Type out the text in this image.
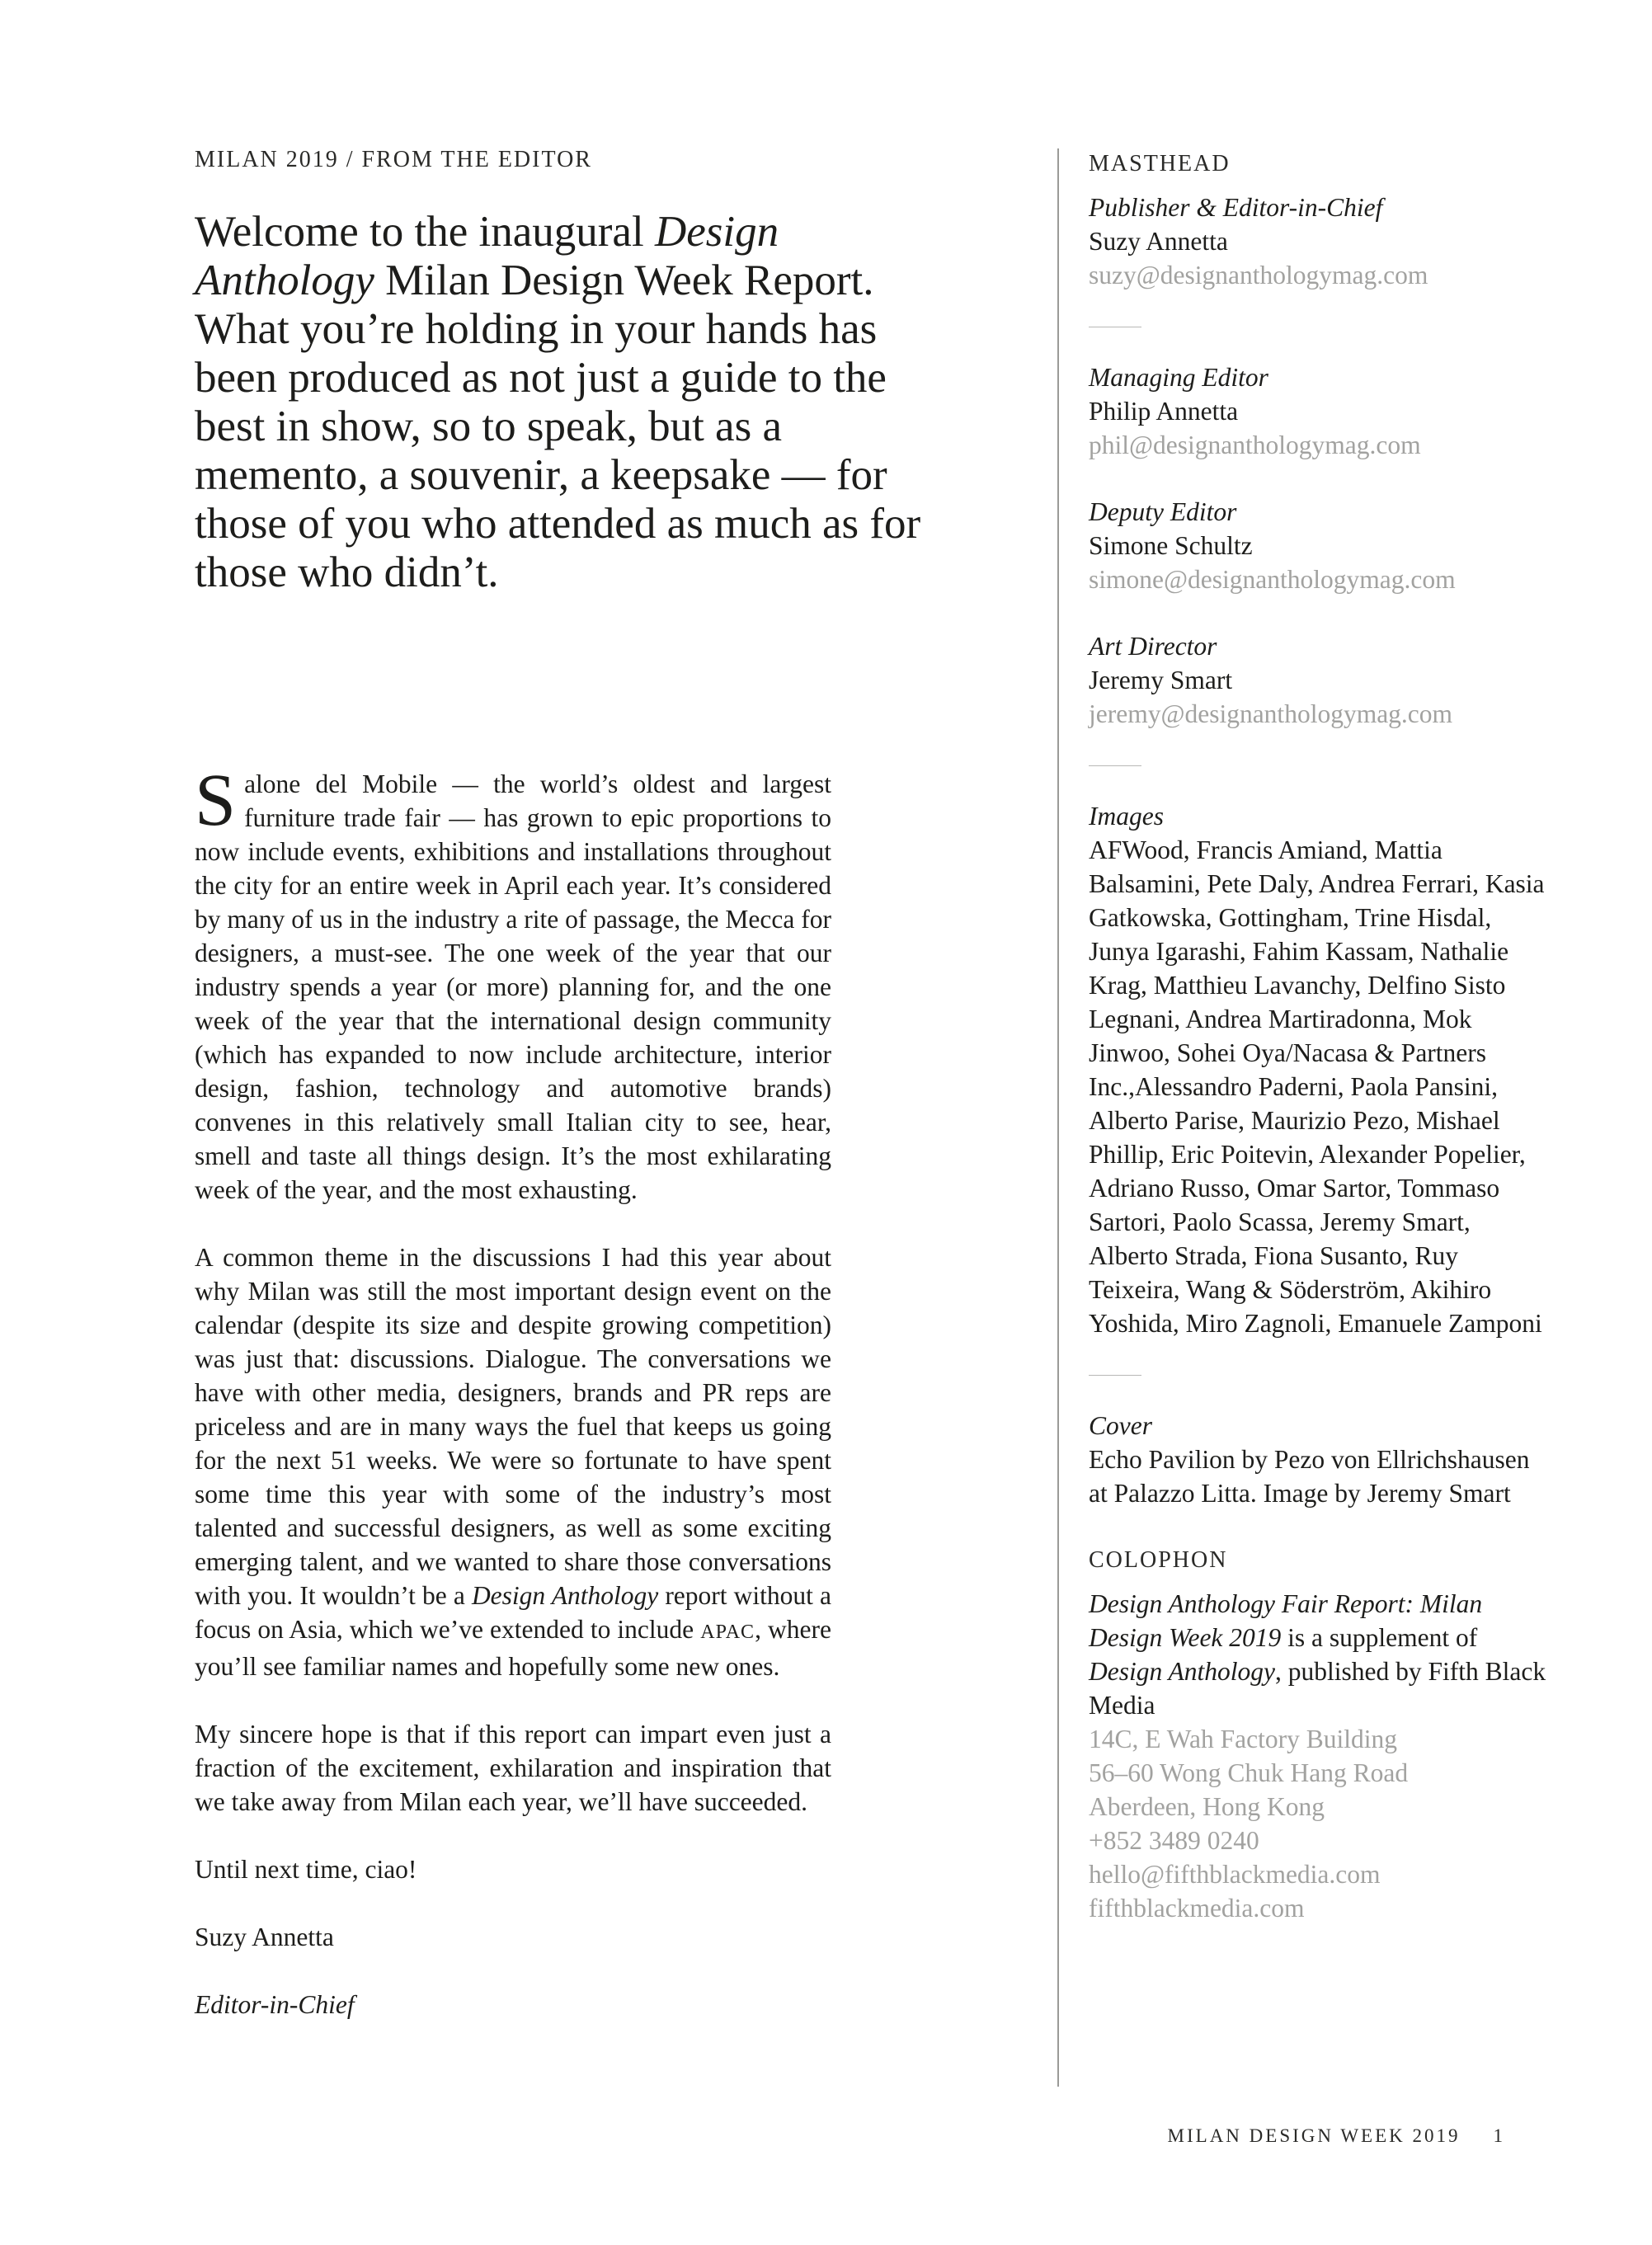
MILAN 2019 / FROM THE EDITOR
Welcome to the inaugural Design Anthology Milan Design Week Report. What you’re holding in your hands has been produced as not just a guide to the best in show, so to speak, but as a memento, a souvenir, a keepsake — for those of you who attended as much as for those who didn’t.

Salone del Mobile — the world’s oldest and largest furniture trade fair — has grown to epic proportions to now include events, exhibitions and installations throughout the city for an entire week in April each year. It’s considered by many of us in the industry a rite of passage, the Mecca for designers, a must-see. The one week of the year that our industry spends a year (or more) planning for, and the one week of the year that the international design community (which has expanded to now include architecture, interior design, fashion, technology and automotive brands) convenes in this relatively small Italian city to see, hear, smell and taste all things design. It’s the most exhilarating week of the year, and the most exhausting.

A common theme in the discussions I had this year about why Milan was still the most important design event on the calendar (despite its size and despite growing competition) was just that: discussions. Dialogue. The conversations we have with other media, designers, brands and PR reps are priceless and are in many ways the fuel that keeps us going for the next 51 weeks. We were so fortunate to have spent some time this year with some of the industry’s most talented and successful designers, as well as some exciting emerging talent, and we wanted to share those conversations with you. It wouldn’t be a Design Anthology report without a focus on Asia, which we’ve extended to include APAC, where you’ll see familiar names and hopefully some new ones.

My sincere hope is that if this report can impart even just a fraction of the excitement, exhilaration and inspiration that we take away from Milan each year, we’ll have succeeded.

Until next time, ciao!

Suzy Annetta

Editor-in-Chief

MASTHEAD

Publisher & Editor-in-Chief

Suzy Annetta

suzy@designanthologymag.com

Managing Editor

Philip Annetta

phil@designanthologymag.com

Deputy Editor

Simone Schultz

simone@designanthologymag.com

Art Director

Jeremy Smart

jeremy@designanthologymag.com

Images

AFWood, Francis Amiand, Mattia Balsamini, Pete Daly, Andrea Ferrari, Kasia Gatkowska, Gottingham, Trine Hisdal, Junya Igarashi, Fahim Kassam, Nathalie Krag, Matthieu Lavanchy, Delfino Sisto Legnani, Andrea Martiradonna, Mok Jinwoo, Sohei Oya/Nacasa & Partners Inc.,Alessandro Paderni, Paola Pansini, Alberto Parise, Maurizio Pezo, Mishael Phillip, Eric Poitevin, Alexander Popelier, Adriano Russo, Omar Sartor, Tommaso Sartori, Paolo Scassa, Jeremy Smart, Alberto Strada, Fiona Susanto, Ruy Teixeira, Wang & Söderström, Akihiro Yoshida, Miro Zagnoli, Emanuele Zamponi

Cover

Echo Pavilion by Pezo von Ellrichshausen at Palazzo Litta. Image by Jeremy Smart

COLOPHON

Design Anthology Fair Report: Milan Design Week 2019 is a supplement of Design Anthology, published by Fifth Black Media

14C, E Wah Factory Building

56–60 Wong Chuk Hang Road

Aberdeen, Hong Kong

+852 3489 0240

hello@fifthblackmedia.com

fifthblackmedia.com

MILAN DESIGN WEEK 2019 1
